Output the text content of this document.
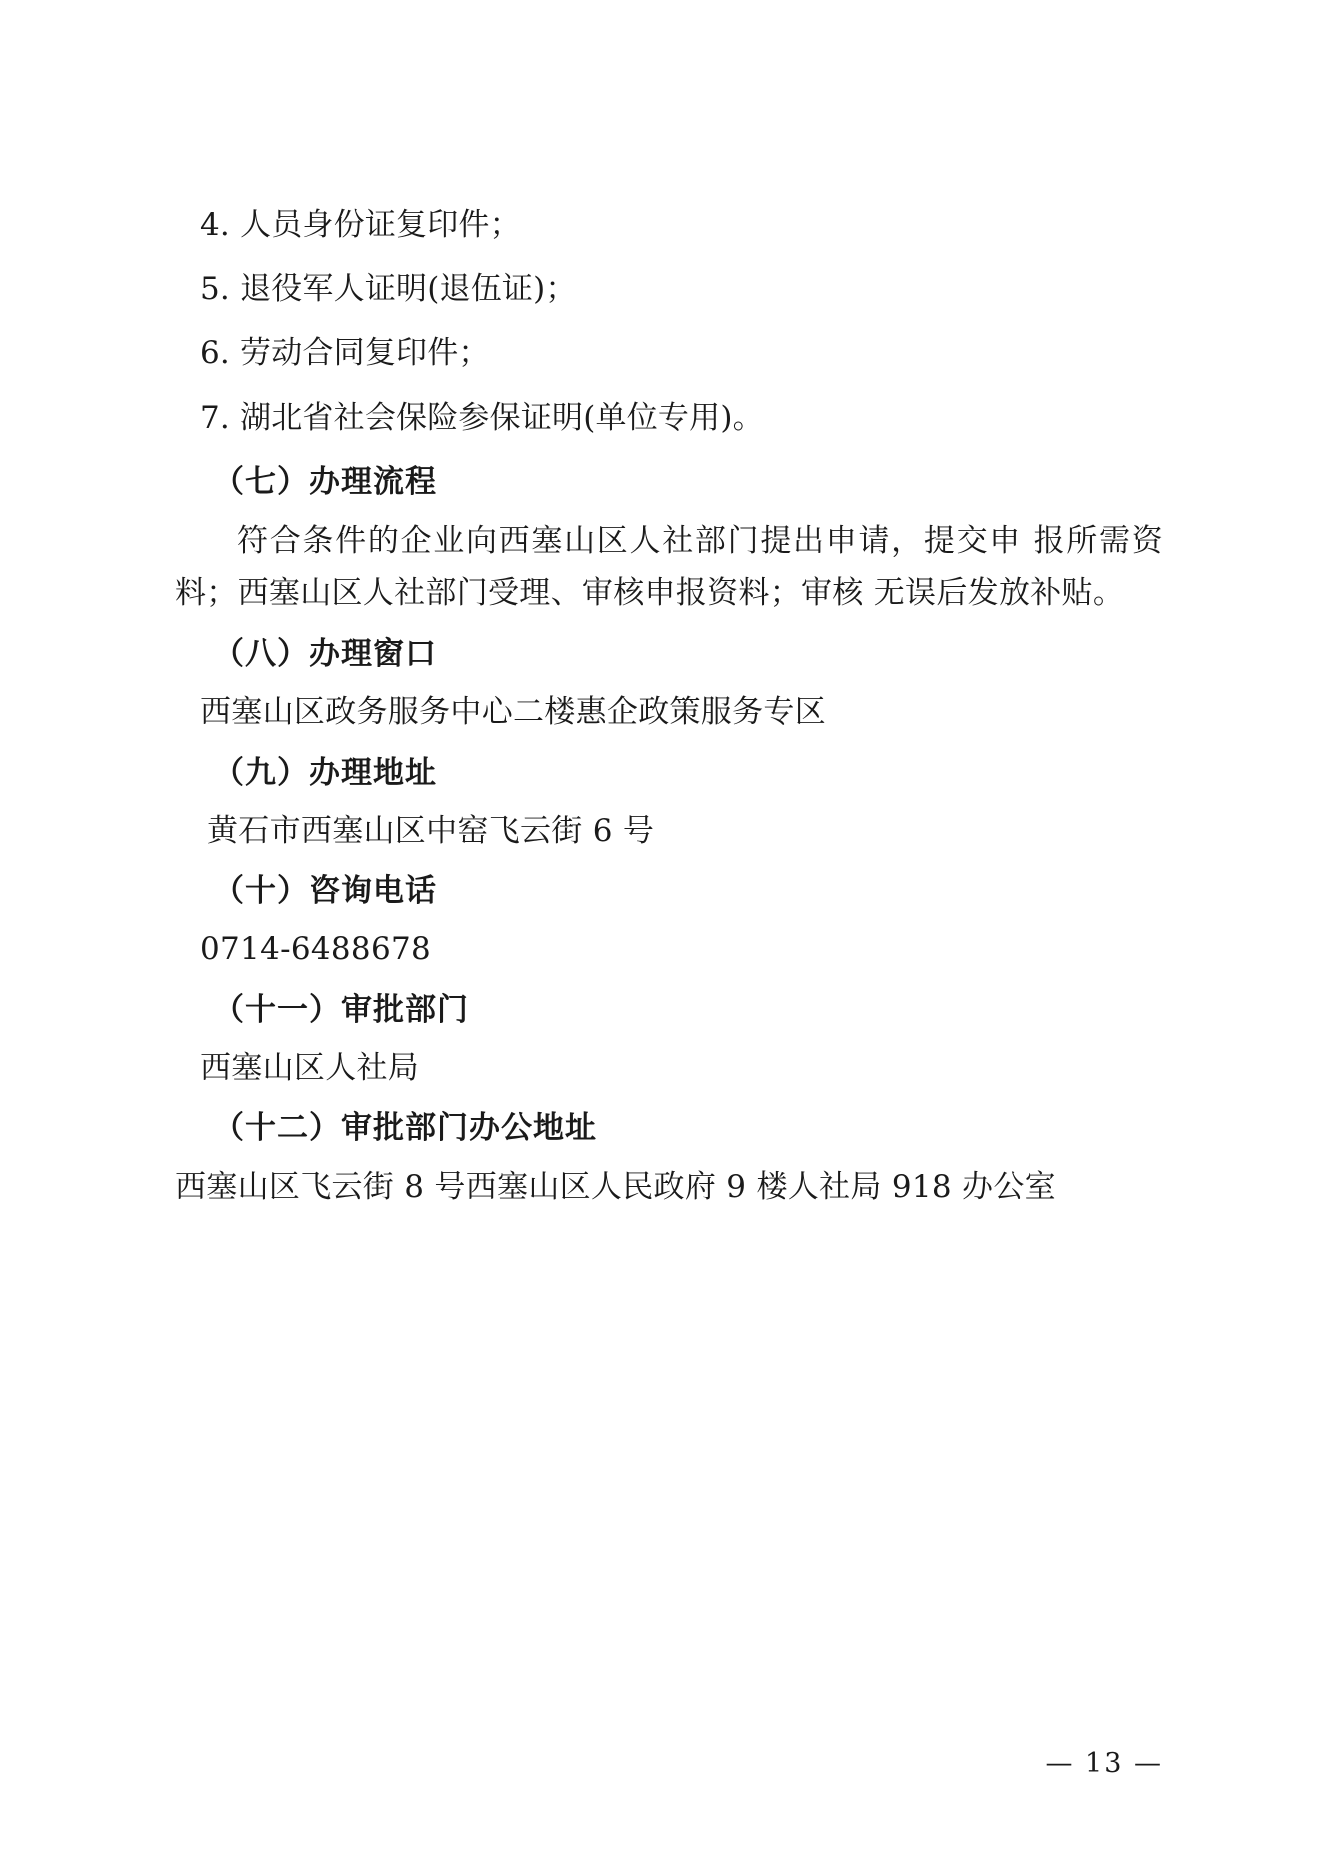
4. 人员身份证复印件；
5. 退役军人证明(退伍证)；
6. 劳动合同复印件；
7. 湖北省社会保险参保证明(单位专用)。
（七）办理流程
符合条件的企业向西塞山区人社部门提出申请，提交申 报所需资料；西塞山区人社部门受理、审核申报资料；审核 无误后发放补贴。
（八）办理窗口
西塞山区政务服务中心二楼惠企政策服务专区
（九）办理地址
黄石市西塞山区中窑飞云街 6 号
（十）咨询电话
0714-6488678
（十一）审批部门
西塞山区人社局
（十二）审批部门办公地址
西塞山区飞云街 8 号西塞山区人民政府 9 楼人社局 918 办公室
— 13 —
